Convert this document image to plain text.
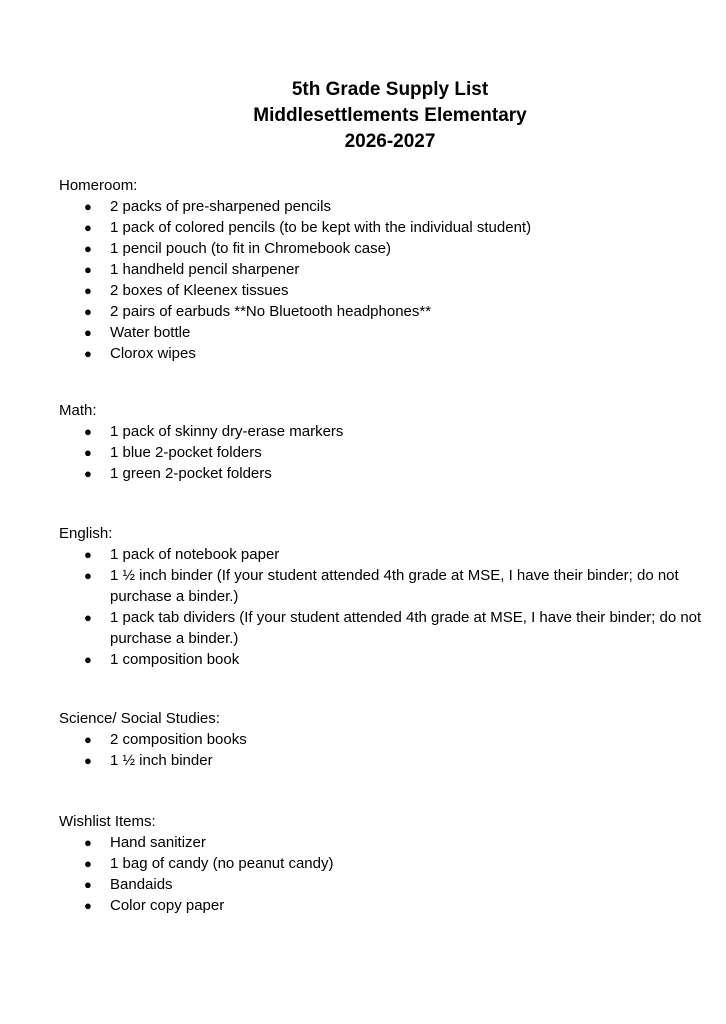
5th Grade Supply List
Middlesettlements Elementary
2026-2027
Homeroom:
● 2 packs of pre-sharpened pencils
● 1 pack of colored pencils (to be kept with the individual student)
● 1 pencil pouch (to fit in Chromebook case)
● 1 handheld pencil sharpener
● 2 boxes of Kleenex tissues
● 2 pairs of earbuds **No Bluetooth headphones**
● Water bottle
● Clorox wipes
Math:
● 1 pack of skinny dry-erase markers
● 1 blue 2-pocket folders
● 1 green 2-pocket folders
English:
● 1 pack of notebook paper
● 1 ½ inch binder (If your student attended 4th grade at MSE, I have their binder; do not purchase a binder.)
● 1 pack tab dividers (If your student attended 4th grade at MSE, I have their binder; do not purchase a binder.)
● 1 composition book
Science/ Social Studies:
● 2 composition books
● 1 ½ inch binder
Wishlist Items:
● Hand sanitizer
● 1 bag of candy (no peanut candy)
● Bandaids
● Color copy paper
